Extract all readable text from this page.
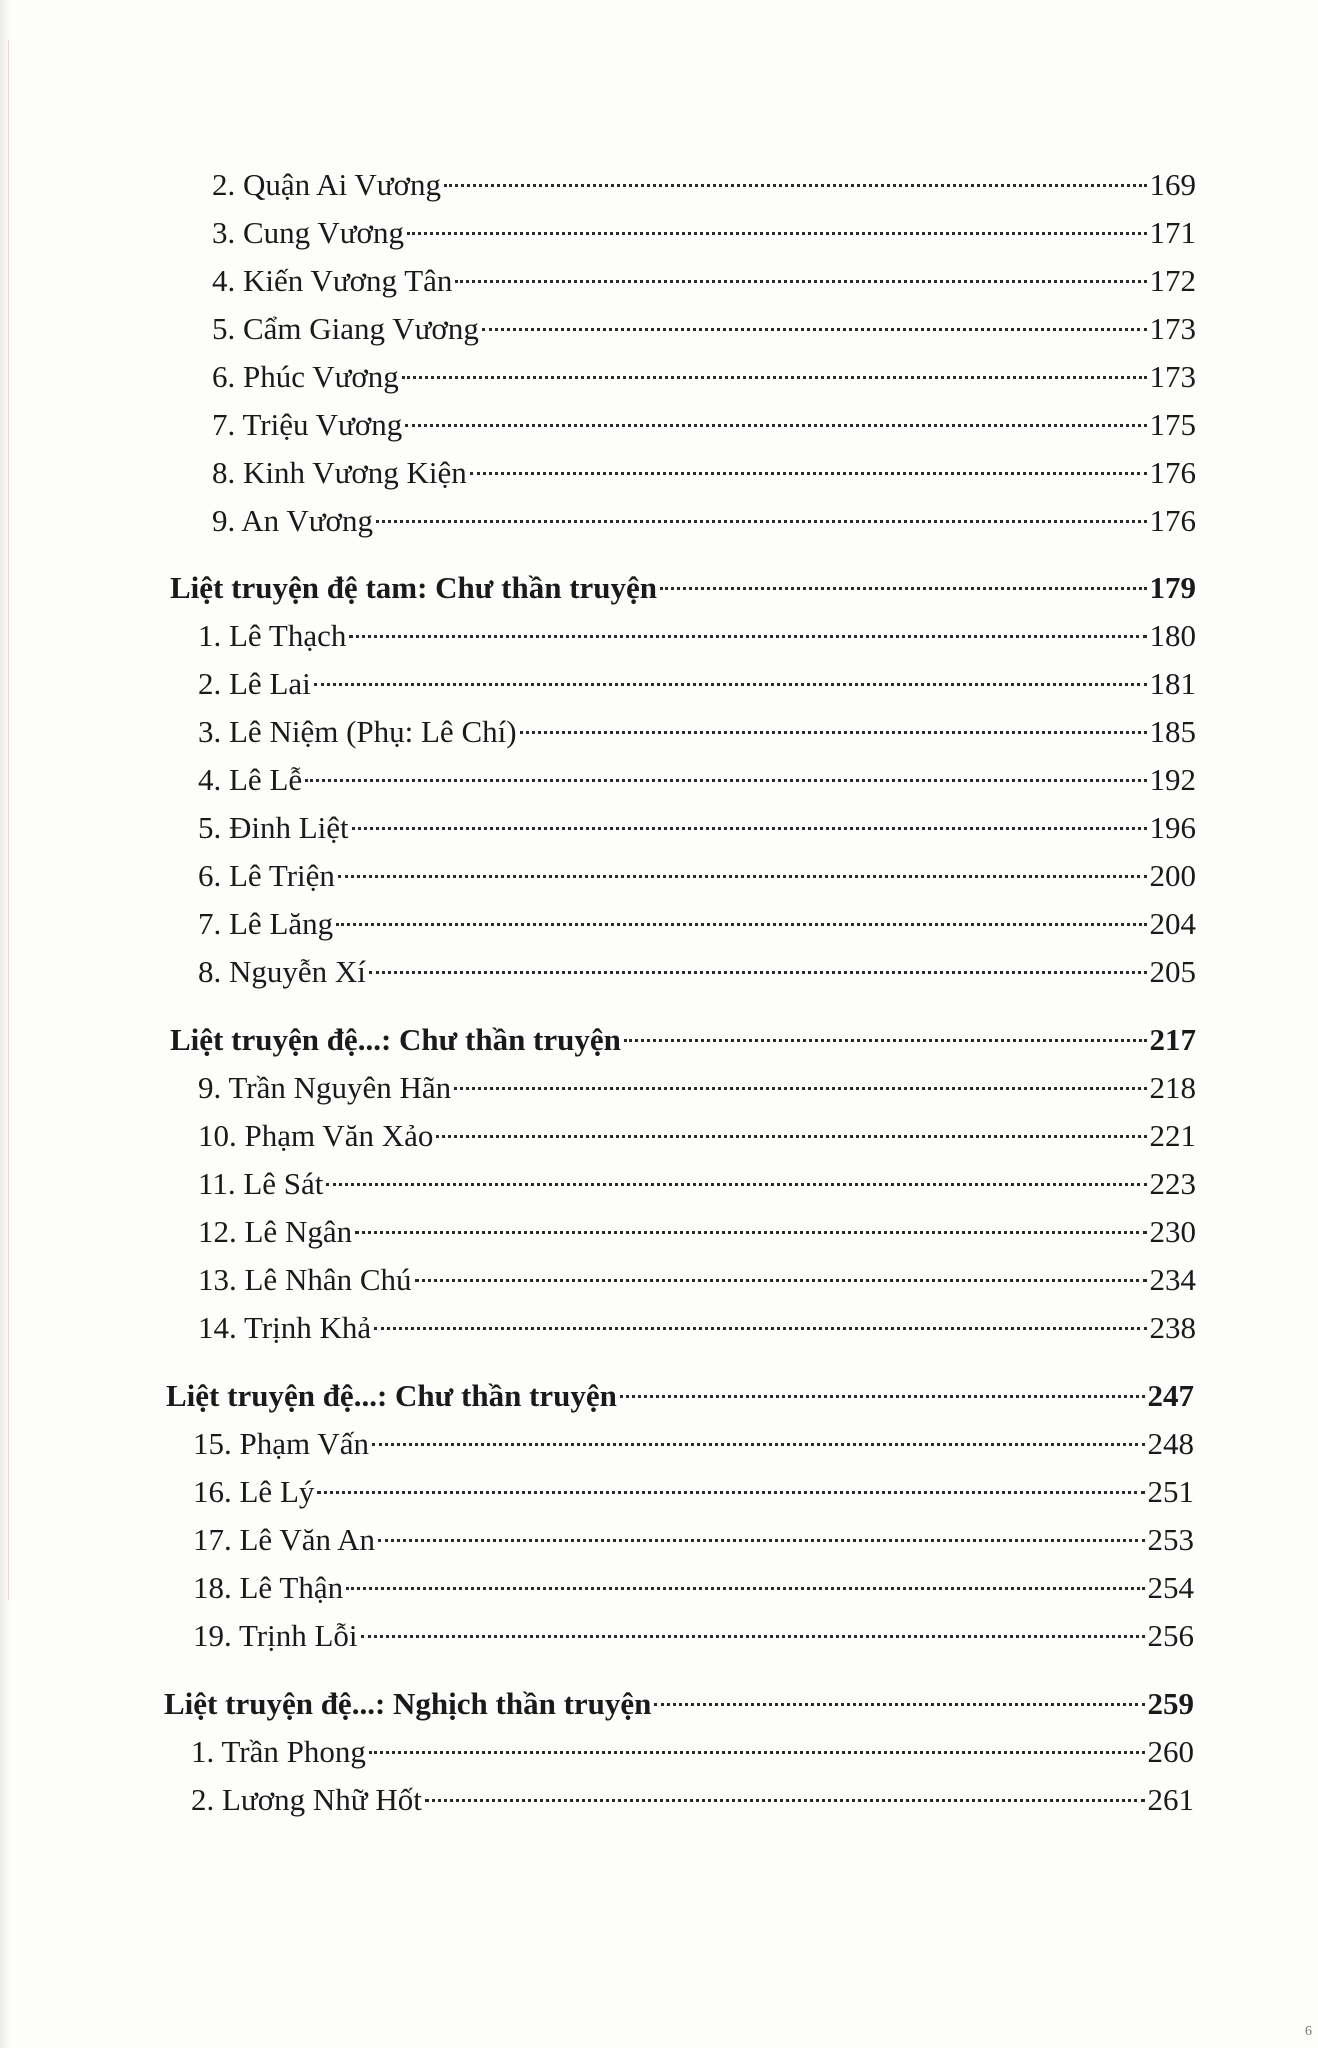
2. Quận Ai Vương	169
3. Cung Vương	171
4. Kiến Vương Tân	172
5. Cẩm Giang Vương	173
6. Phúc Vương	173
7. Triệu Vương	175
8. Kinh Vương Kiện	176
9. An Vương	176
Liệt truyện đệ tam: Chư thần truyện	179
1. Lê Thạch	180
2. Lê Lai	181
3. Lê Niệm (Phụ: Lê Chí)	185
4. Lê Lễ	192
5. Đinh Liệt	196
6. Lê Triện	200
7. Lê Lăng	204
8. Nguyễn Xí	205
Liệt truyện đệ...: Chư thần truyện	217
9. Trần Nguyên Hãn	218
10. Phạm Văn Xảo	221
11. Lê Sát	223
12. Lê Ngân	230
13. Lê Nhân Chú	234
14. Trịnh Khả	238
Liệt truyện đệ...: Chư thần truyện	247
15. Phạm Vấn	248
16. Lê Lý	251
17. Lê Văn An	253
18. Lê Thận	254
19. Trịnh Lỗi	256
Liệt truyện đệ...: Nghịch thần truyện	259
1. Trần Phong	260
2. Lương Nhữ Hốt	261
6
